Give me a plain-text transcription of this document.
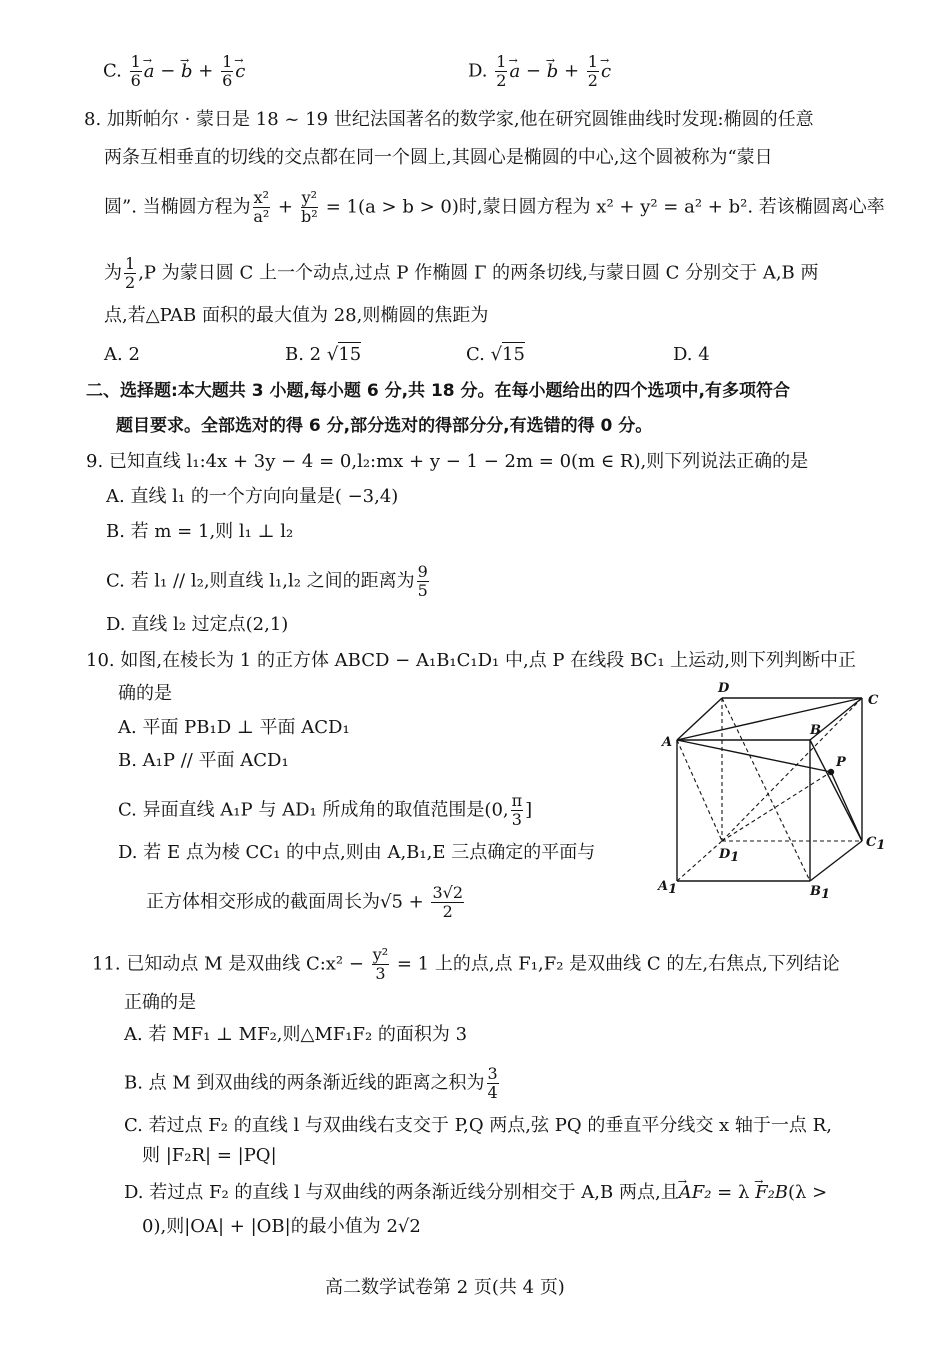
C. $\frac{1}{6}$
→ a − → $b + \frac{1}{6}$
→ c	D. $\frac{1}{2}$
→ a − → $b + \frac{1}{2}$
→ c
8. 加斯帕尔 · 蒙日是 18 ~ 19 世纪法国著名的数学家,他在研究圆锥曲线时发现:椭圆的任意
两条互相垂直的切线的交点都在同一个圆上,其圆心是椭圆的中心,这个圆被称为“蒙日
圆”. 当椭圆方程为 $\frac{\text{x²}}{\text{a²}} + \frac{\text{y²}}{\text{b²}} = 1(a > b > 0)$时,蒙日圆方程为 x² + y² = a² + b². 若该椭圆离心率
为 $\frac{1}{2} ,P$ 为蒙日圆 C 上一个动点,过点 P 作椭圆 Γ 的两条切线,与蒙日圆 C 分别交于 A,B 两
点,若△PAB 面积的最大值为 28,则椭圆的焦距为
A. 2	B. 2 √15	C. √15	D. 4
二、选择题:本大题共 3 小题,每小题 6 分,共 18 分。在每小题给出的四个选项中,有多项符合
题目要求。全部选对的得 6 分,部分选对的得部分分,有选错的得 0 分。
9. 已知直线 l₁:4x + 3y − 4 = 0,l₂:mx + y − 1 − 2m = 0(m ∈ R),则下列说法正确的是
A. 直线 l₁ 的一个方向向量是( −3,4)
B. 若 m = 1,则 l₁ ⊥ l₂
C. 若 l₁ // l₂,则直线 l₁,l₂ 之间的距离为 $\frac{9}{5}$
D. 直线 l₂ 过定点(2,1)
10. 如图,在棱长为 1 的正方体 ABCD − A₁B₁C₁D₁ 中,点 P 在线段 BC₁ 上运动,则下列判断中正
确的是
A. 平面 PB₁D ⊥ 平面 ACD₁
B. A₁P // 平面 ACD₁
C. 异面直线 A₁P 与 AD₁ 所成角的取值范围是(0, $\frac{\pi}{3}$ ]
D. 若 E 点为棱 CC₁ 的中点,则由 A,B₁,E 三点确定的平面与
正方体相交形成的截面周长为$√5 + \frac{3√2}{2}$
D
C
B
A
P
D1
C1
A1	B1
11. 已知动点 M 是双曲线 C:x² − $\frac{\text{y²}}{3} = 1$ 上的点,点 F₁,F₂ 是双曲线 C 的左,右焦点,下列结论
正确的是
A. 若 MF₁ ⊥ MF₂,则△MF₁F₂ 的面积为 3
B. 点 M 到双曲线的两条渐近线的距离之积为 $\frac{3}{4}$
C. 若过点 F₂ 的直线 l 与双曲线右支交于 P,Q 两点,弦 PQ 的垂直平分线交 x 轴于一点 R,
则 |F₂R| = |PQ|
D. 若过点 F₂ 的直线 l 与双曲线的两条渐近线分别相交于 A,B 两点,且→ AF₂ = λ → F₂B(λ >
0),则|OA| + |OB|的最小值为 2√2
高二数学试卷第 2 页(共 4 页)
